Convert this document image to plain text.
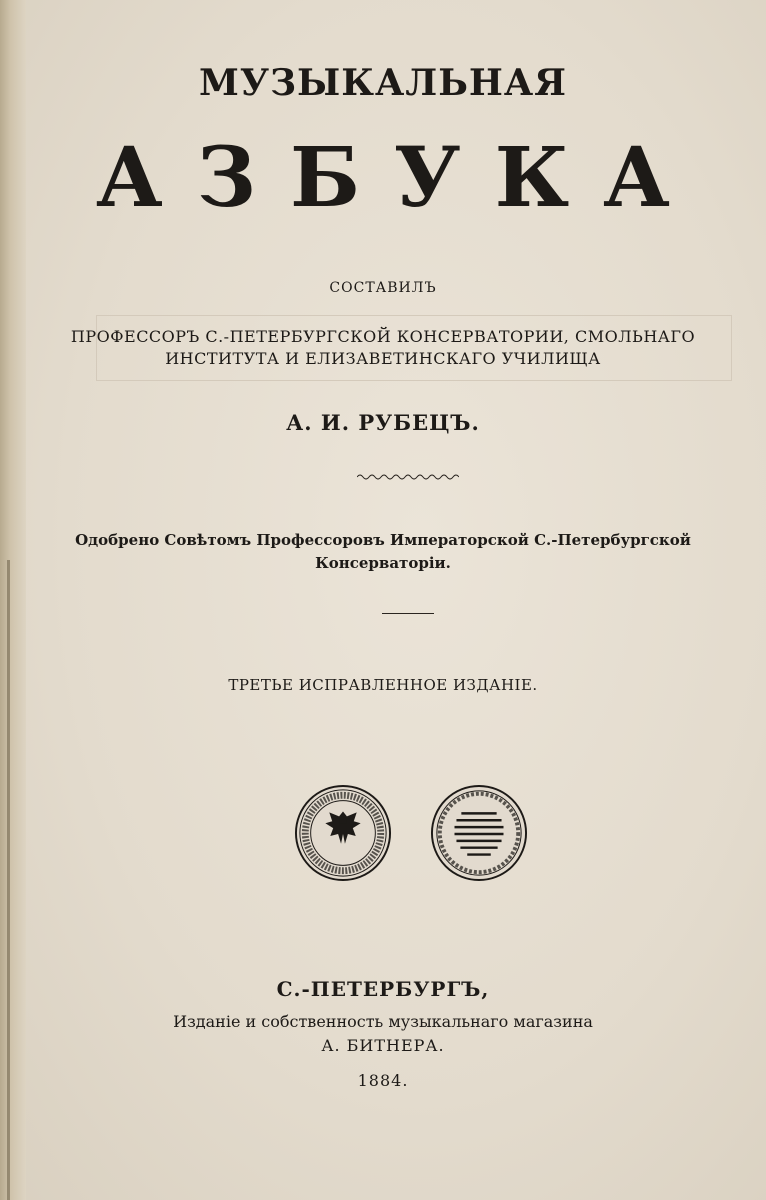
МУЗЫКАЛЬНАЯ
АЗБУКА
СОСТАВИЛЪ
ПРОФЕССОРЪ С.-ПЕТЕРБУРГСКОЙ КОНСЕРВАТОРИИ, СМОЛЬНАГО
ИНСТИТУТА И ЕЛИЗАВЕТИНСКАГО УЧИЛИЩА
А. И. РУБЕЦЪ.
Одобрено Совѣтомъ Профессоровъ Императорской С.-Петербургской
Консерваторіи.
ТРЕТЬЕ ИСПРАВЛЕННОЕ ИЗДАНІЕ.
С.-ПЕТЕРБУРГЪ,
Изданіе и собственность музыкальнаго магазина
А. БИТНЕРА.
1884.
